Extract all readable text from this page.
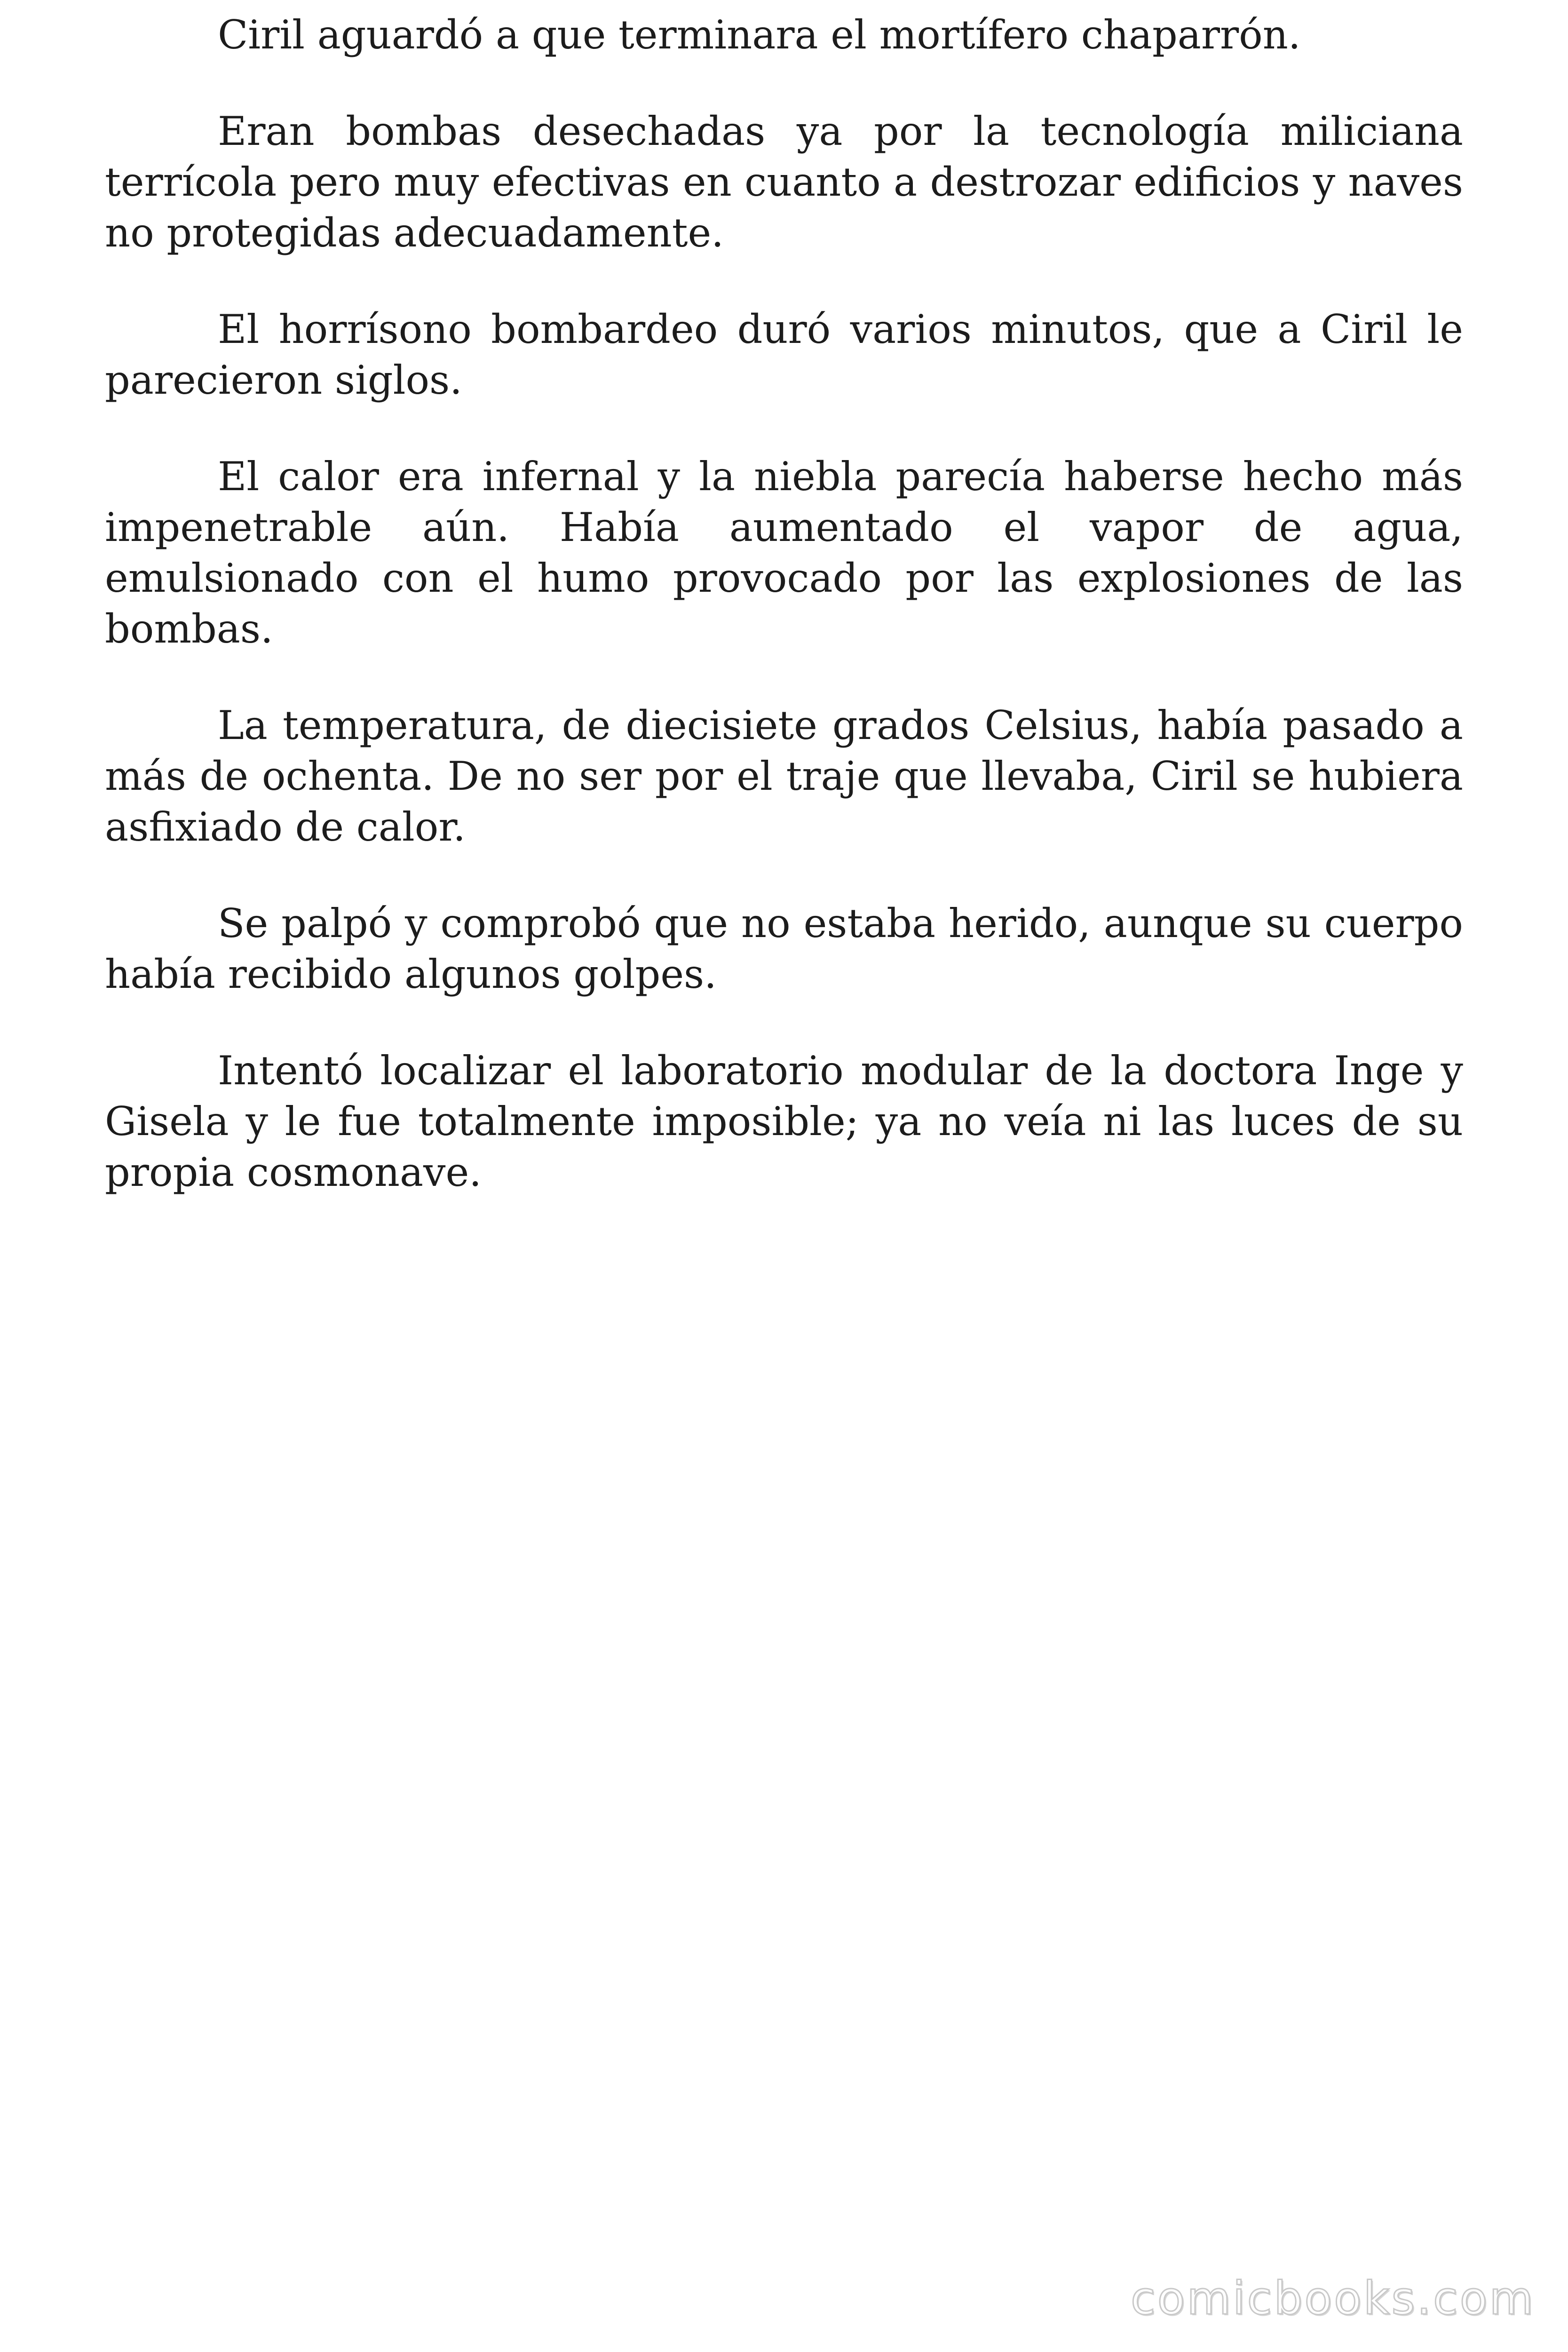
Ciril aguardó a que terminara el mortífero chaparrón.

Eran bombas desechadas ya por la tecnología miliciana terrícola pero muy efectivas en cuanto a destrozar edificios y naves no protegidas adecuadamente.

El horrísono bombardeo duró varios minutos, que a Ciril le parecieron siglos.

El calor era infernal y la niebla parecía haberse hecho más impenetrable aún. Había aumentado el vapor de agua, emulsionado con el humo provocado por las explosiones de las bombas.

La temperatura, de diecisiete grados Celsius, había pasado a más de ochenta. De no ser por el traje que llevaba, Ciril se hubiera asfixiado de calor.

Se palpó y comprobó que no estaba herido, aunque su cuerpo había recibido algunos golpes.

Intentó localizar el laboratorio modular de la doctora Inge y Gisela y le fue totalmente imposible; ya no veía ni las luces de su propia cosmonave.

comicbooks.com
